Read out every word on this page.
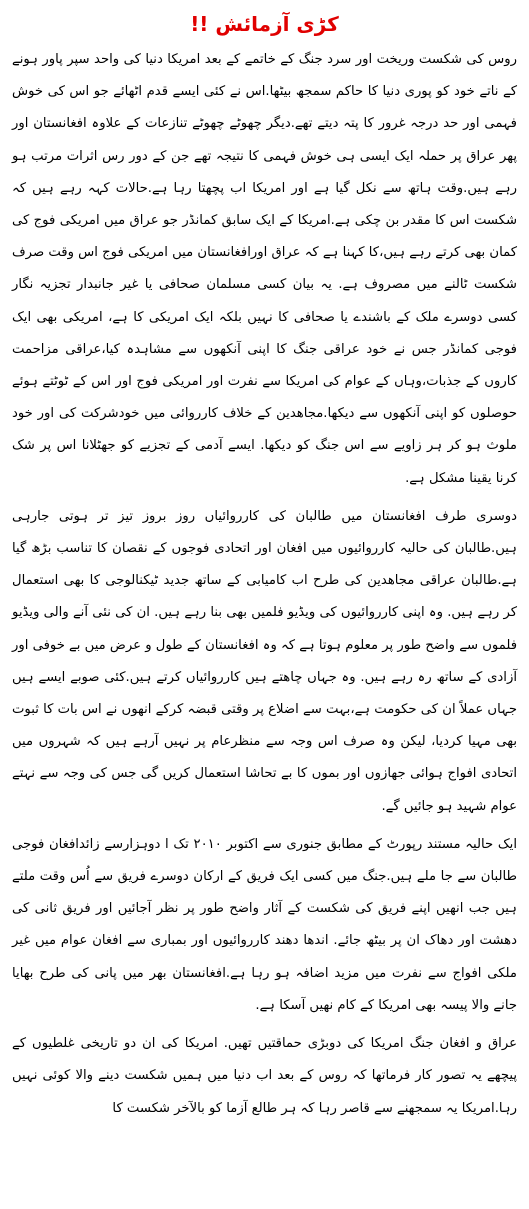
کڑی آزمائش !!

روس کی شکست وریخت اور سرد جنگ کے خاتمے کے بعد امریکا دنیا کی واحد سپر پاور ہونے کے ناتے خود کو پوری دنیا کا حاکم سمجھ بیٹھا.اس نے کئی ایسے قدم اٹھائے جو اس کی خوش فہمی اور حد درجہ غرور کا پتہ دیتے تھے.دیگر چھوٹے چھوٹے تنازعات کے علاوہ افغانستان اور پھر عراق پر حملہ ایک ایسی ہی خوش فہمی کا نتیجہ تھے جن کے دور رس اثرات مرتب ہو رہے ہیں.وقت ہاتھ سے نکل گیا ہے اور امریکا اب پچھتا رہا ہے.حالات کہہ رہے ہیں کہ شکست اس کا مقدر بن چکی ہے.امریکا کے ایک سابق کمانڈر جو عراق میں امریکی فوج کی کمان بھی کرتے رہے ہیں،کا کہنا ہے کہ عراق اورافغانستان میں امریکی فوج اس وقت صرف شکست ٹالنے میں مصروف ہے. یہ بیان کسی مسلمان صحافی یا غیر جانبدار تجزیہ نگار کسی دوسرے ملک کے باشندے یا صحافی کا نہیں بلکہ ایک امریکی کا ہے، امریکی بھی ایک فوجی کمانڈر جس نے خود عراقی جنگ کا اپنی آنکھوں سے مشاہدہ کیا،عراقی مزاحمت کاروں کے جذبات،وہاں کے عوام کی امریکا سے نفرت اور امریکی فوج اور اس کے ٹوٹتے ہوئے حوصلوں کو اپنی آنکھوں سے دیکھا.مجاھدین کے خلاف کارروائی میں خودشرکت کی اور خود ملوث ہو کر ہر زاویے سے اس جنگ کو دیکھا. ایسے آدمی کے تجزیے کو جھٹلانا اس پر شک کرنا یقینا مشکل ہے.

دوسری طرف افغانستان میں طالبان کی کارروائیاں روز بروز تیز تر ہوتی جارہی ہیں.طالبان کی حالیہ کارروائیوں میں افغان اور اتحادی فوجوں کے نقصان کا تناسب بڑھ گیا ہے.طالبان عراقی مجاھدین کی طرح اب کامیابی کے ساتھ جدید ٹیکنالوجی کا بھی استعمال کر رہے ہیں. وہ اپنی کارروائیوں کی ویڈیو فلمیں بھی بنا رہے ہیں. ان کی نئی آنے والی ویڈیو فلموں سے واضح طور پر معلوم ہوتا ہے کہ وہ افغانستان کے طول و عرض میں بے خوفی اور آزادی کے ساتھ رہ رہے ہیں. وہ جہاں چاھتے ہیں کارروائیاں کرتے ہیں.کئی صوبے ایسے ہیں جہاں عملاً ان کی حکومت ہے،بہت سے اضلاع پر وقتی قبضہ کرکے انھوں نے اس بات کا ثبوت بھی مہیا کردیا، لیکن وہ صرف اس وجہ سے منظرعام پر نہیں آرہے ہیں کہ شہروں میں اتحادی افواج ہوائی جھازوں اور بموں کا بے تحاشا استعمال کریں گی جس کی وجہ سے نہتے عوام شہید ہو جائیں گے.

ایک حالیہ مستند رپورٹ کے مطابق جنوری سے اکتوبر ۲۰۱۰ تک ا دوہزارسے زائدافغان فوجی طالبان سے جا ملے ہیں.جنگ میں کسی ایک فریق کے ارکان دوسرے فریق سے اُس وقت ملتے ہیں جب انھیں اپنے فریق کی شکست کے آثار واضح طور پر نظر آجائیں اور فریق ثانی کی دھشت اور دھاک ان پر بیٹھ جائے. اندھا دھند کارروائیوں اور بمباری سے افغان عوام میں غیر ملکی افواج سے نفرت میں مزید اضافہ ہو رہا ہے.افغانستان بھر میں پانی کی طرح بھایا جانے والا پیسہ بھی امریکا کے کام نھیں آسکا ہے.

عراق و افغان جنگ امریکا کی دوبڑی حماقتیں تھیں. امریکا کی ان دو تاریخی غلطیوں کے پیچھے یہ تصور کار فرماتھا کہ روس کے بعد اب دنیا میں ہمیں شکست دینے والا کوئی نہیں رہا.امریکا یہ سمجھنے سے قاصر رہا کہ ہر طالع آزما کو بالآخر شکست کا
